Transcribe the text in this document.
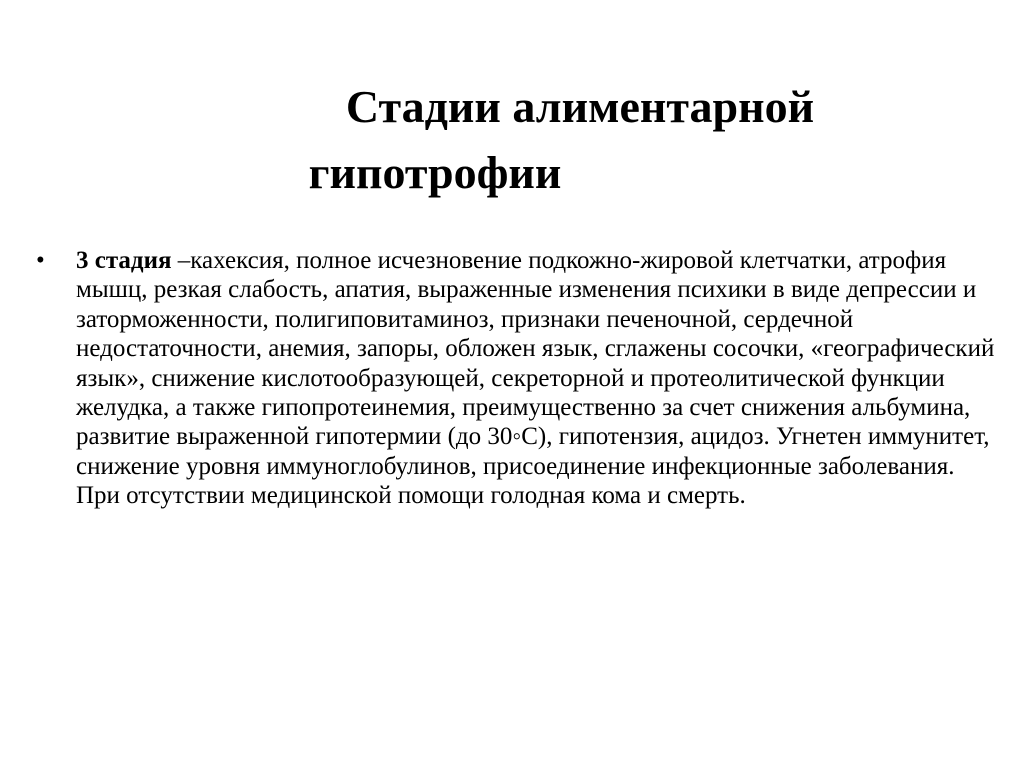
Стадии алиментарной
гипотрофии
• 3 стадия –кахексия, полное исчезновение подкожно-жировой клетчатки, атрофия мышц, резкая слабость, апатия, выраженные изменения психики в виде депрессии и заторможенности, полигиповитаминоз, признаки печеночной, сердечной недостаточности, анемия, запоры, обложен язык, сглажены сосочки, «географический язык», снижение кислотообразующей, секреторной и протеолитической функции желудка, а также гипопротеинемия, преимущественно за счет снижения альбумина, развитие выраженной гипотермии (до 30◦С), гипотензия, ацидоз. Угнетен иммунитет, снижение уровня иммуноглобулинов, присоединение инфекционные заболевания. При отсутствии медицинской помощи голодная кома и смерть.
